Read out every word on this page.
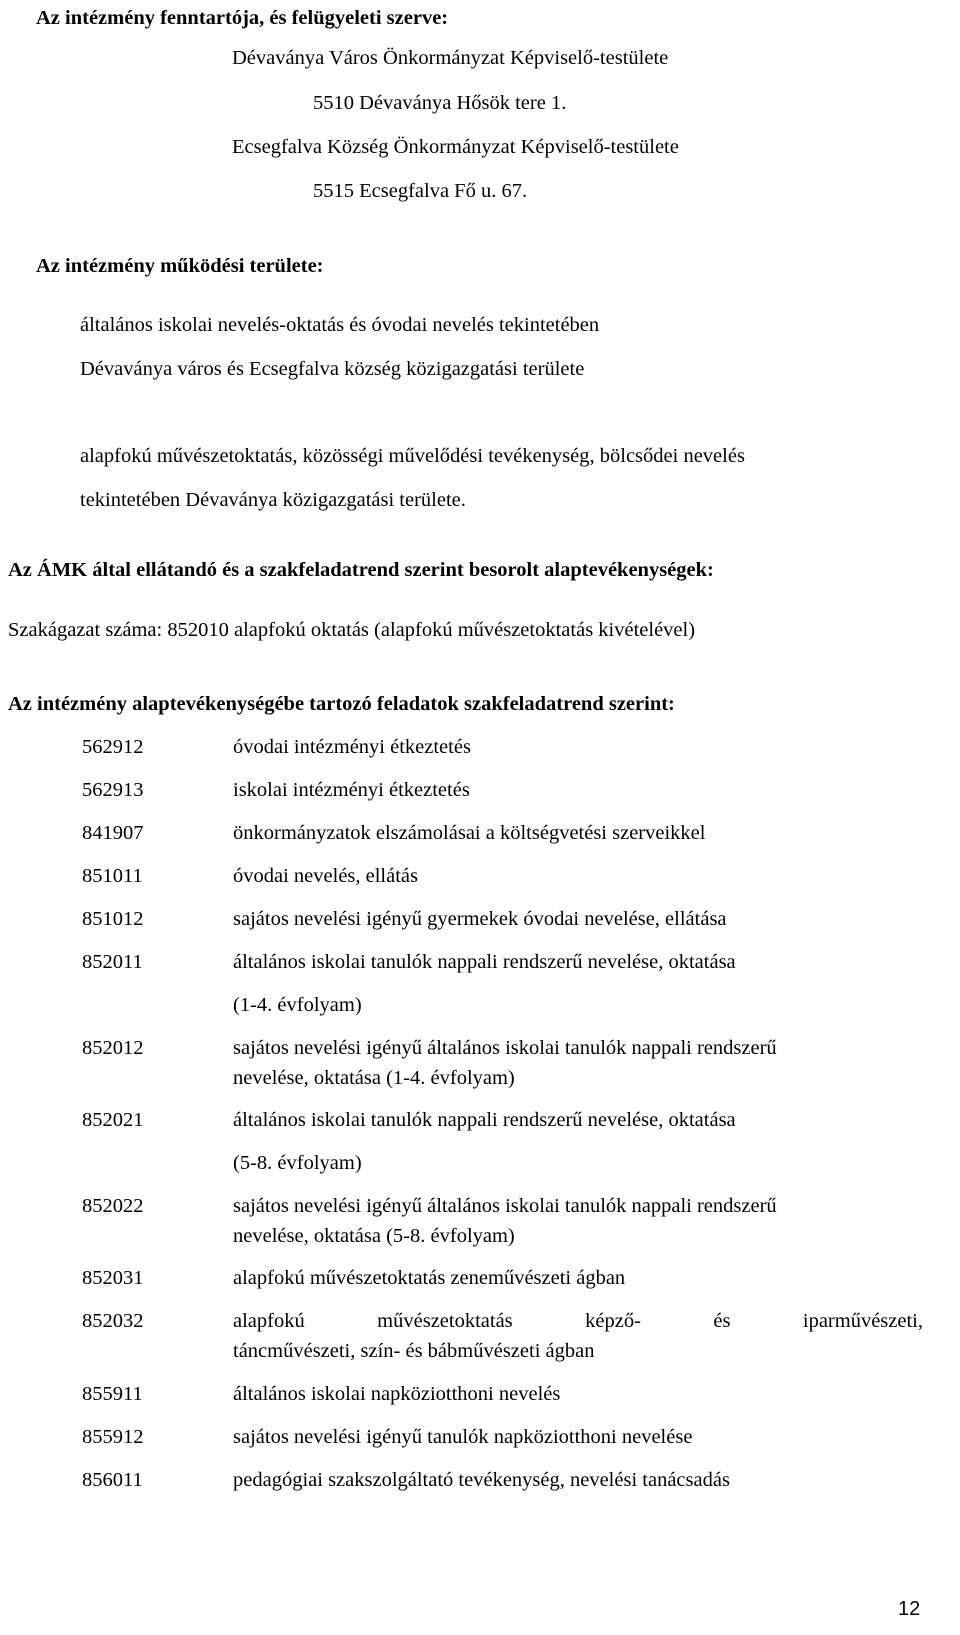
Az intézmény fenntartója, és felügyeleti szerve:
Dévaványa Város Önkormányzat Képviselő-testülete
5510 Dévaványa Hősök tere 1.
Ecsegfalva Község Önkormányzat Képviselő-testülete
5515 Ecsegfalva Fő u. 67.
Az intézmény működési területe:
általános iskolai nevelés-oktatás és óvodai nevelés tekintetében
Dévaványa város és Ecsegfalva község közigazgatási területe
alapfokú művészetoktatás, közösségi művelődési tevékenység, bölcsődei nevelés
tekintetében Dévaványa közigazgatási területe.
Az ÁMK által ellátandó és a szakfeladatrend szerint besorolt alaptevékenységek:
Szakágazat száma: 852010 alapfokú oktatás (alapfokú művészetoktatás kivételével)
Az intézmény alaptevékenységébe tartozó feladatok szakfeladatrend szerint:
562912	óvodai intézményi étkeztetés
562913	iskolai intézményi étkeztetés
841907	önkormányzatok elszámolásai a költségvetési szerveikkel
851011	óvodai nevelés, ellátás
851012	sajátos nevelési igényű gyermekek óvodai nevelése, ellátása
852011	általános iskolai tanulók nappali rendszerű nevelése, oktatása
(1-4. évfolyam)
852012	sajátos nevelési igényű általános iskolai tanulók nappali rendszerű
nevelése, oktatása (1-4. évfolyam)
852021	általános iskolai tanulók nappali rendszerű nevelése, oktatása
(5-8. évfolyam)
852022	sajátos nevelési igényű általános iskolai tanulók nappali rendszerű
nevelése, oktatása (5-8. évfolyam)
852031	alapfokú művészetoktatás zeneművészeti ágban
852032	alapfokú művészetoktatás képző- és iparművészeti,
táncművészeti, szín- és bábművészeti ágban
855911	általános iskolai napköziotthoni nevelés
855912	sajátos nevelési igényű tanulók napköziotthoni nevelése
856011	pedagógiai szakszolgáltató tevékenység, nevelési tanácsadás
12
